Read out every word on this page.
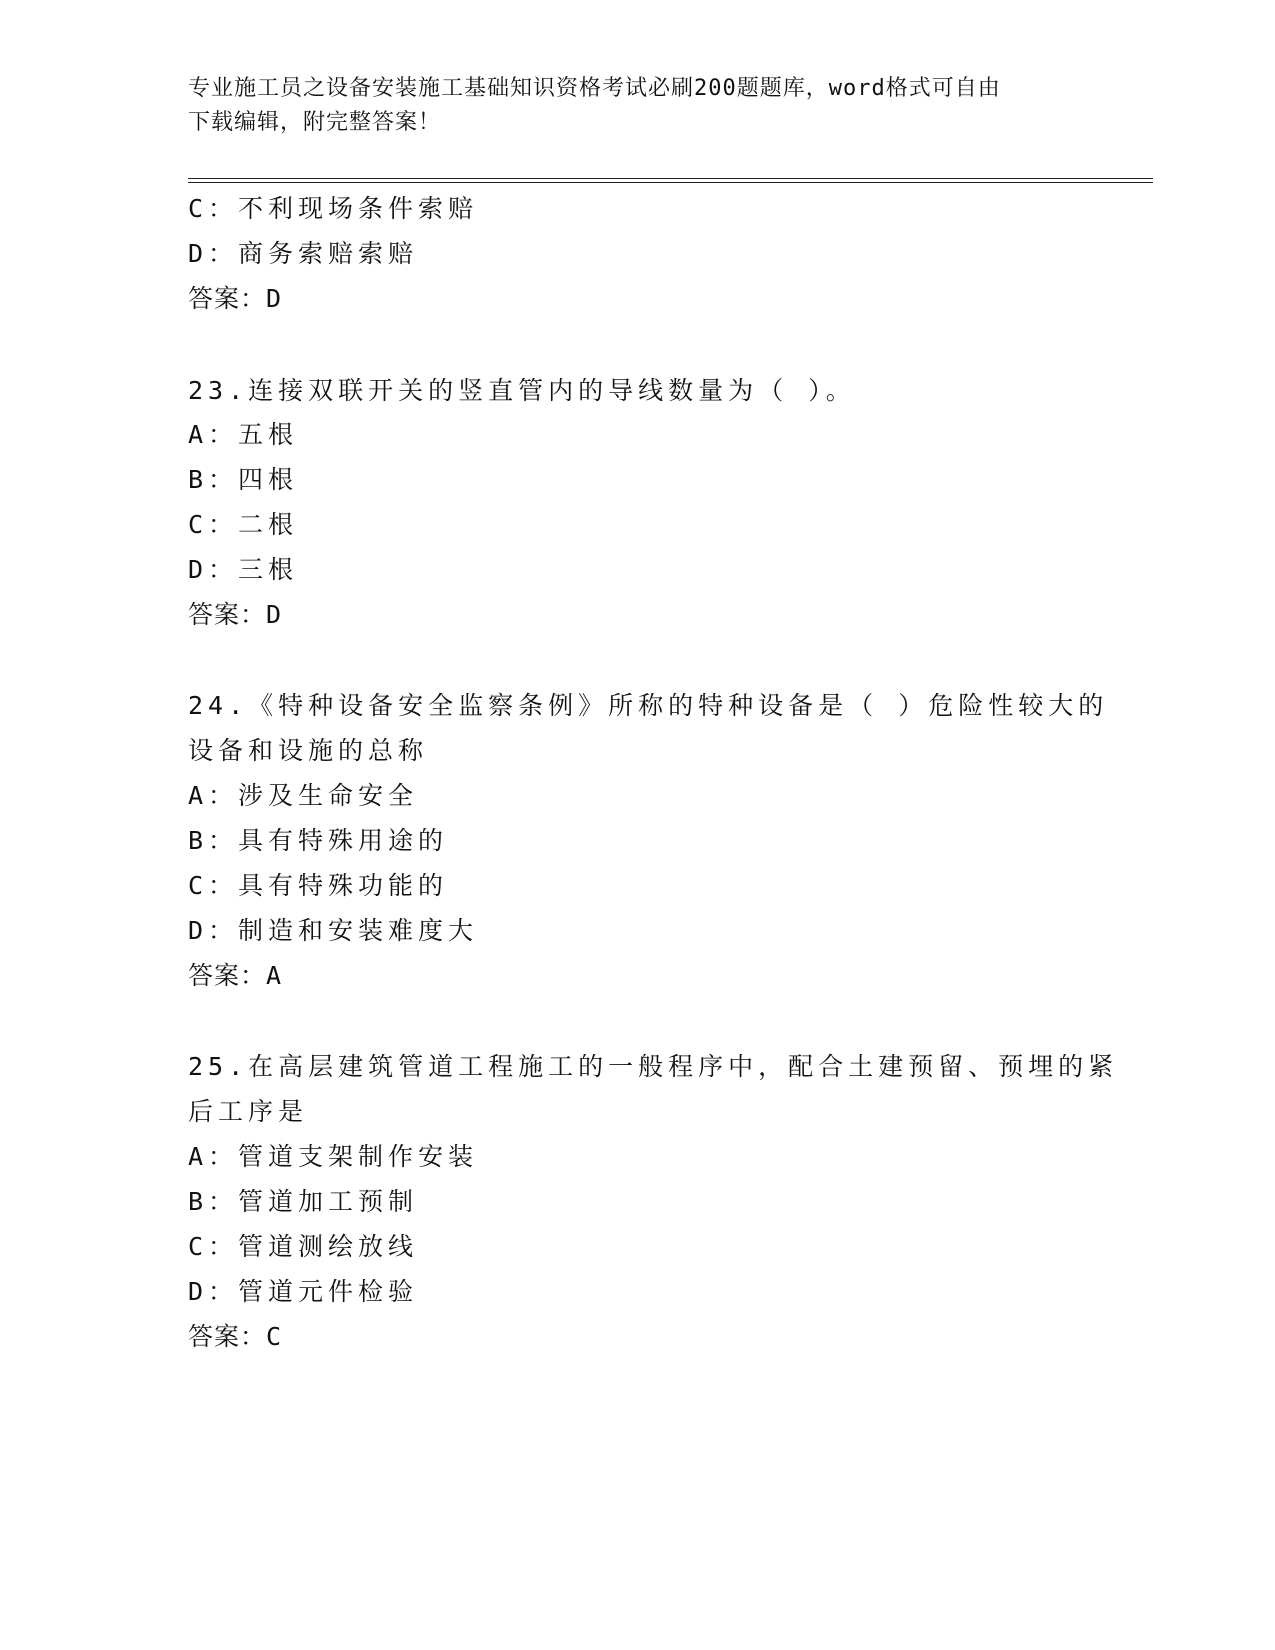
专业施工员之设备安装施工基础知识资格考试必刷200题题库，word格式可自由
下载编辑，附完整答案！
C：不利现场条件索赔
D：商务索赔索赔
答案：D
23.连接双联开关的竖直管内的导线数量为（ ）。
A：五根
B：四根
C：二根
D：三根
答案：D
24.《特种设备安全监察条例》所称的特种设备是（ ）危险性较大的
设备和设施的总称
A：涉及生命安全
B：具有特殊用途的
C：具有特殊功能的
D：制造和安装难度大
答案：A
25.在高层建筑管道工程施工的一般程序中，配合土建预留、预埋的紧
后工序是
A：管道支架制作安装
B：管道加工预制
C：管道测绘放线
D：管道元件检验
答案：C
